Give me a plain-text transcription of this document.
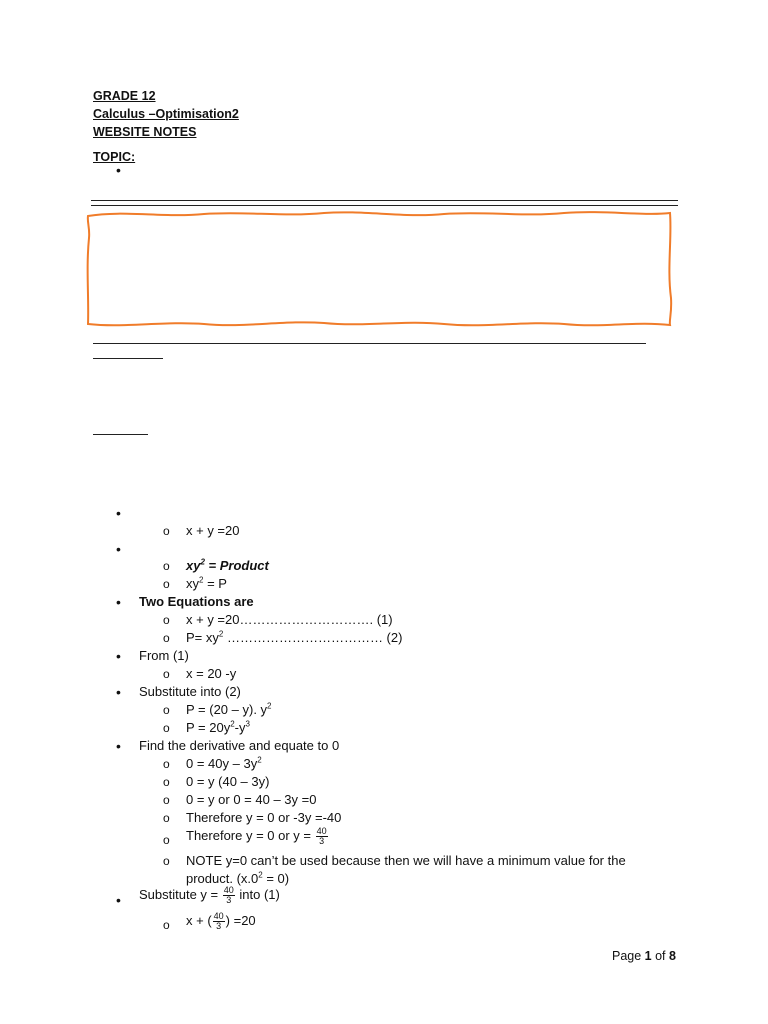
GRADE 12
Calculus –Optimisation2
WEBSITE NOTES
TOPIC:
•
•
o x + y =20
•
o $xy^2$ = Product
o $xy^2 = P$
• Two Equations are
o x + y =20…………………………. (1)
o $P= xy^2$ ……………………………… (2)
• From (1)
o x = 20 -y
• Substitute into (2)
o P = (20 – y). $y^2$
o $P = 20y^2-y^3$
• Find the derivative and equate to 0
o $0 = 40y - 3y^2$
o 0 = y (40 – 3y)
o 0 = y or 0 = 40 – 3y =0
o Therefore y = 0 or -3y =-40
o Therefore y = 0 or $y = \frac{40}{3}$
o NOTE y=0 can’t be used because then we will have a minimum value for the
product. $(x.0^2 = 0)$
• Substitute $y = \frac{40}{3}$ into (1)
o x + ( $\frac{40}{3}$ ) =20
Page 1 of 8
